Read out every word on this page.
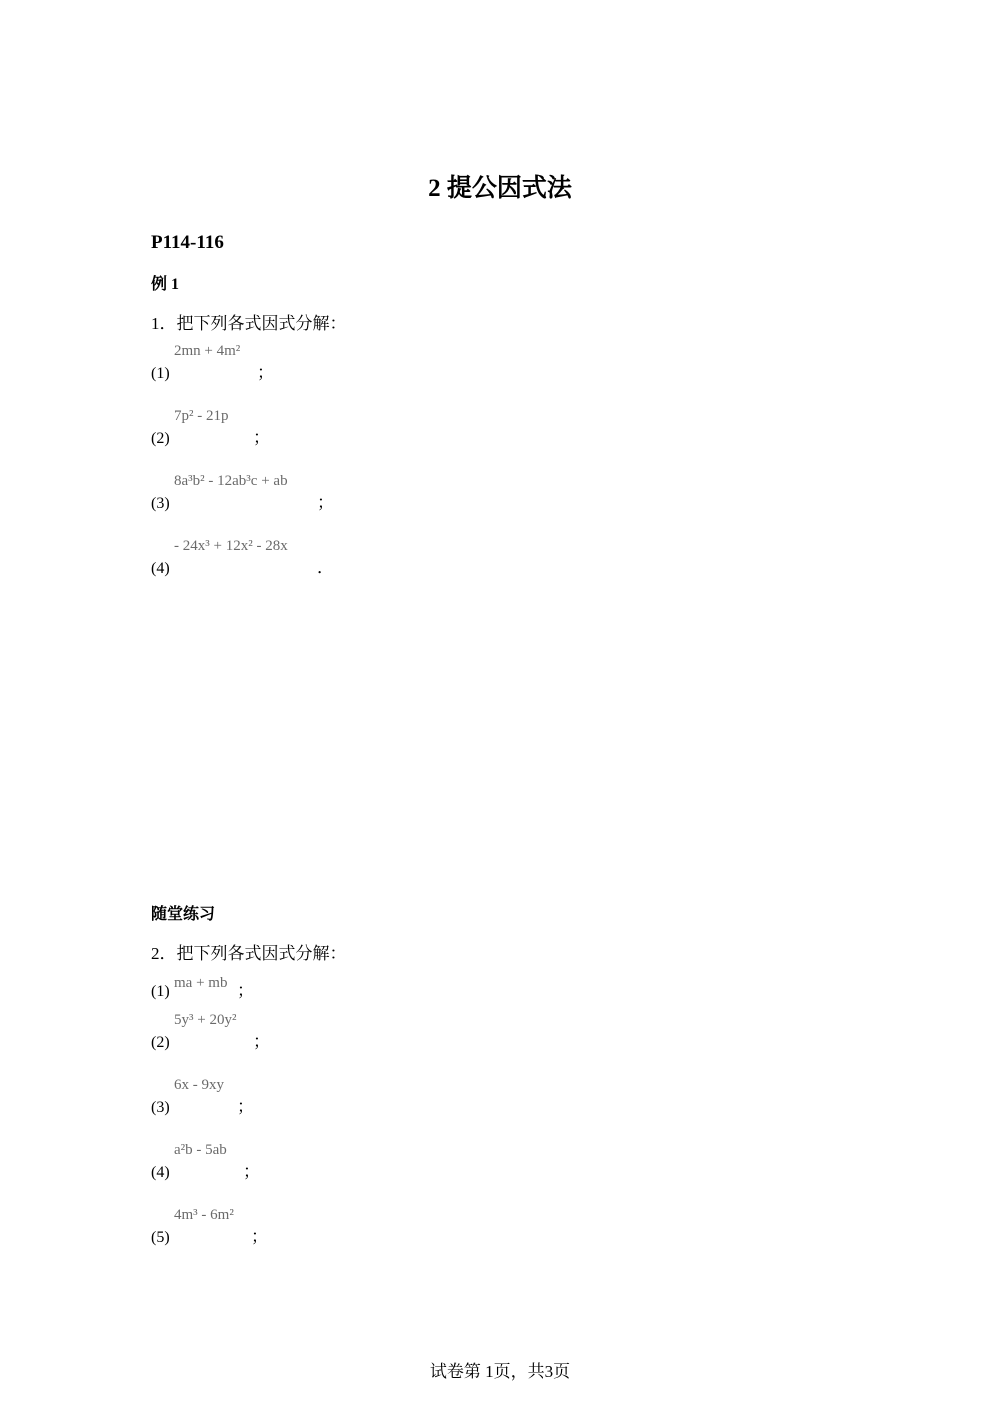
2 提公因式法
P114-116
例 1
1．把下列各式因式分解：
(1)
2mn + 4m²
；
(2)
7p² - 21p
；
(3)
8a³b² - 12ab³c + ab
；
(4)
- 24x³ + 12x² - 28x
．
随堂练习
2．把下列各式因式分解：
(1) ma + mb ；
(2)
5y³ + 20y²
；
(3)
6x - 9xy
；
(4)
a²b - 5ab
；
(5)
4m³ - 6m²
；
试卷第 1页，共3页
